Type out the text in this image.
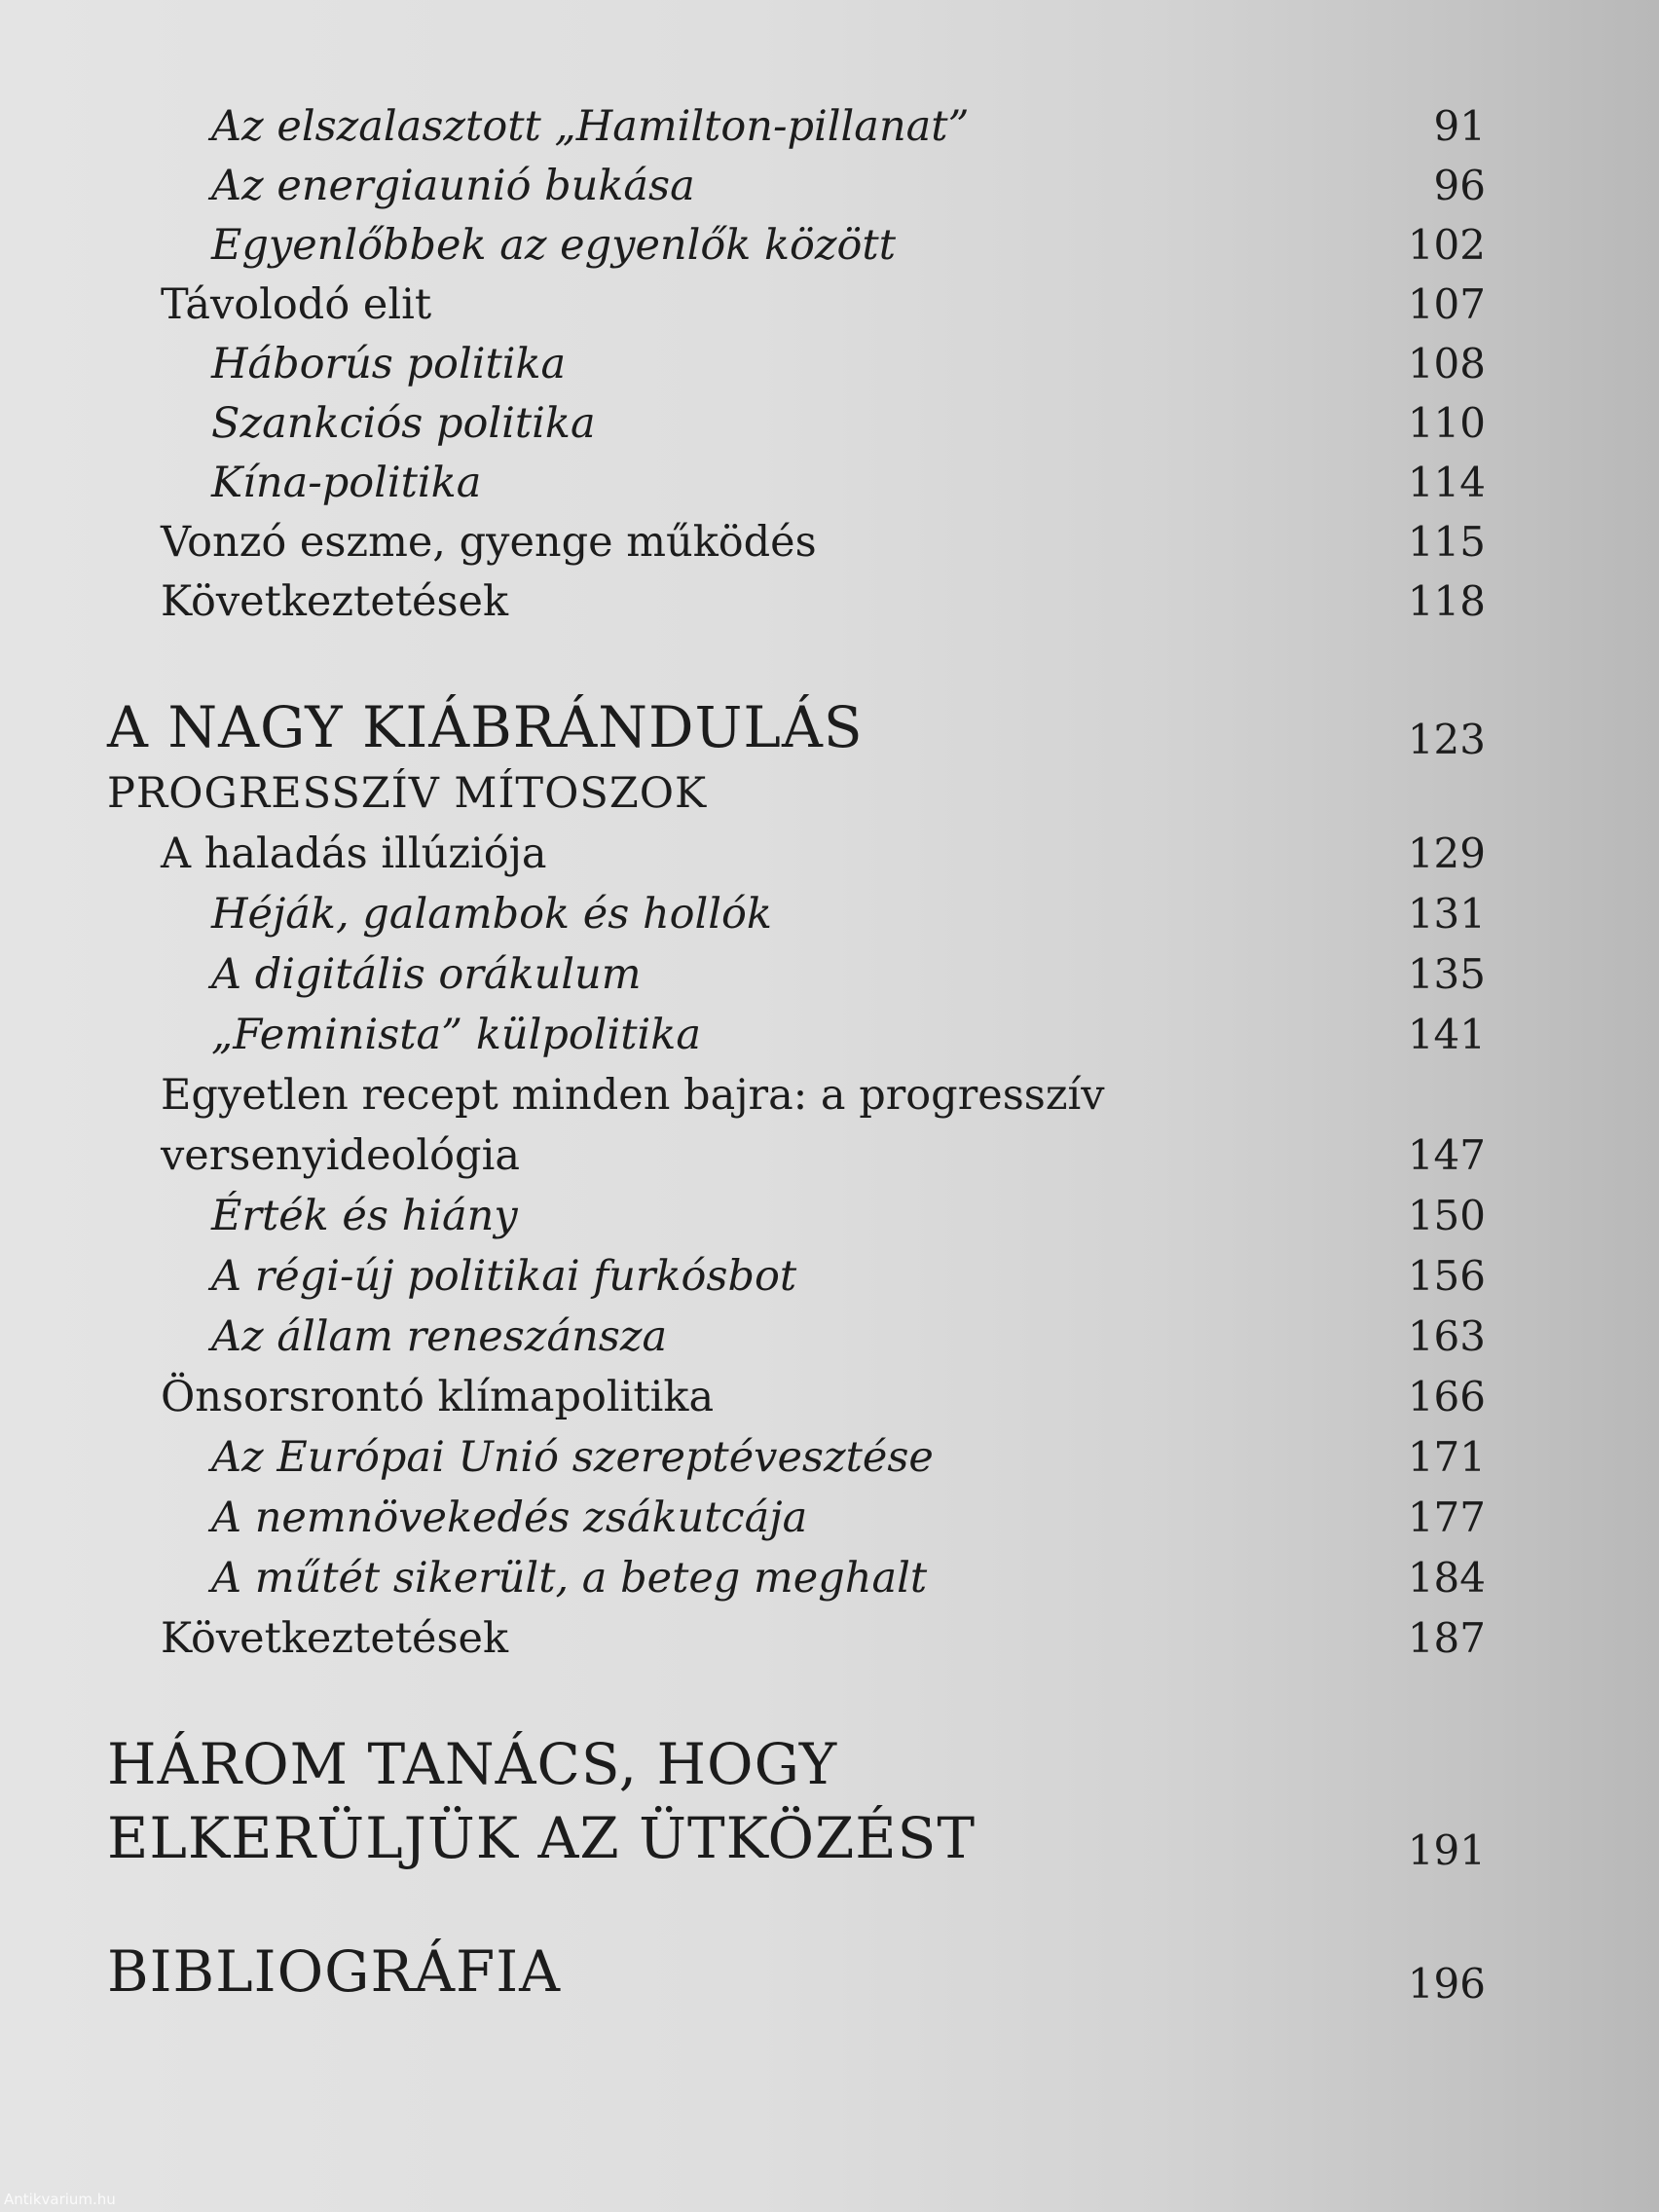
Az elszalasztott „Hamilton-pillanat”	91
Az energiaunió bukása	96
Egyenlőbbek az egyenlők között	102
Távolodó elit	107
Háborús politika	108
Szankciós politika	110
Kína-politika	114
Vonzó eszme, gyenge működés	115
Következtetések	118
A NAGY KIÁBRÁNDULÁS	123
PROGRESSZÍV MÍTOSZOK
A haladás illúziója	129
Héják, galambok és hollók	131
A digitális orákulum	135
„Feminista” külpolitika	141
Egyetlen recept minden bajra: a progresszív
versenyideológia	147
Érték és hiány	150
A régi-új politikai furkósbot	156
Az állam reneszánsza	163
Önsorsrontó klímapolitika	166
Az Európai Unió szereptévesztése	171
A nemnövekedés zsákutcája	177
A műtét sikerült, a beteg meghalt	184
Következtetések	187
HÁROM TANÁCS, HOGY
ELKERÜLJÜK AZ ÜTKÖZÉST	191
BIBLIOGRÁFIA	196
Antikvarium.hu
